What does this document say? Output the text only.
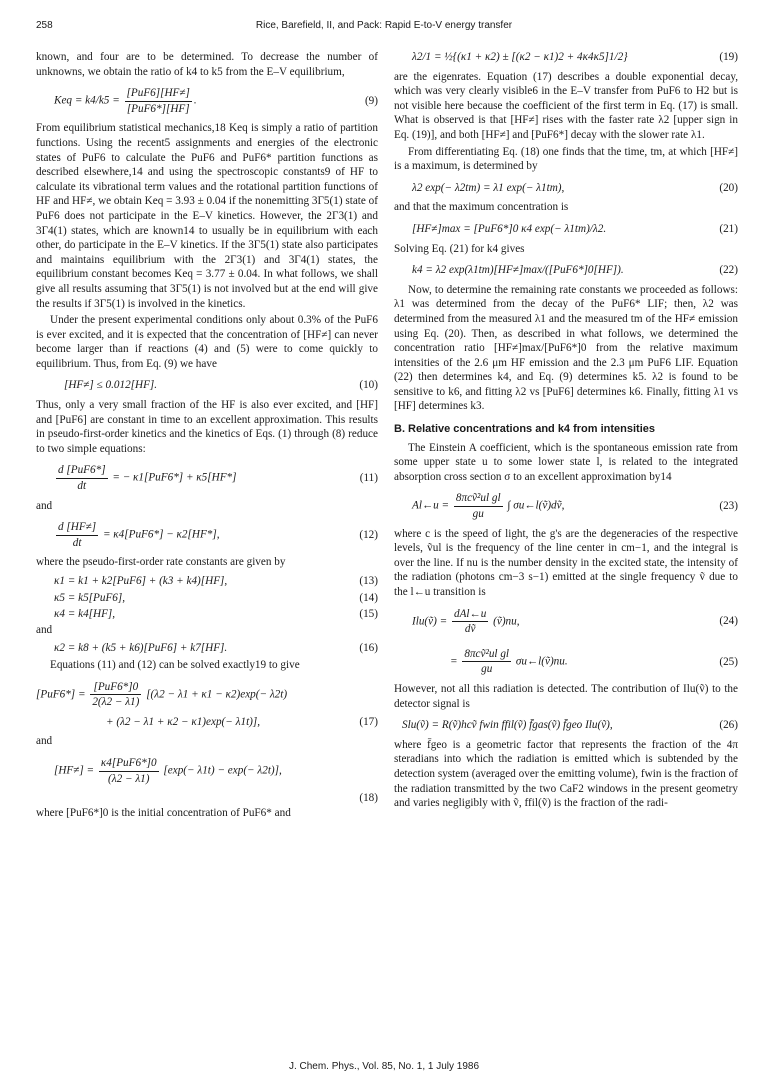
258	Rice, Barefield, II, and Pack: Rapid E-to-V energy transfer

known, and four are to be determined. To decrease the number of unknowns, we obtain the ratio of k4 to k5 from the E–V equilibrium,

Keq = $k4/k5 = \frac{\text{[PuF6][HF≠]}}{\text{[PuF6*][HF]}}$ .	(9)

From equilibrium statistical mechanics,18 Keq is simply a ratio of partition functions. Using the recent5 assignments and energies of the electronic states of PuF6 to calculate the PuF6 and PuF6* partition functions as described elsewhere,14 and using the spectroscopic constants9 of HF to calculate its vibrational term values and the rotational partition functions of HF and HF≠, we obtain Keq = 3.93 ± 0.04 if the nonemitting 3Γ5(1) state of PuF6 does not participate in the E–V kinetics. However, the 2Γ3(1) and 3Γ4(1) states, which are known14 to usually be in equilibrium with each other, do participate in the E–V kinetics. If the 3Γ5(1) state also participates and maintains equilibrium with the 2Γ3(1) and 3Γ4(1) states, the equilibrium constant becomes Keq = 3.77 ± 0.04. In what follows, we shall give all results assuming that 3Γ5(1) is not involved but at the end will give the results if 3Γ5(1) is involved in the kinetics.

Under the present experimental conditions only about 0.3% of the PuF6 is ever excited, and it is expected that the concentration of [HF≠] can never become larger than if reactions (4) and (5) were to come quickly to equilibrium. Thus, from Eq. (9) we have

[HF≠] ≤ 0.012[HF].	(10)

Thus, only a very small fraction of the HF is also ever excited, and [HF] and [PuF6] are constant in time to an excellent approximation. This results in pseudo-first-order kinetics and the kinetics of Eqs. (1) through (8) reduce to two simple equations:

$\frac{\text{d [PuF6*]}}{dt}$ = − κ1[PuF6*] + κ5[HF*]	(11)

and

$\frac{d [HF\ne]}{dt} = \kappa 4[PuF6*] - \kappa 2[HF*]$,	(12)

where the pseudo-first-order rate constants are given by

κ1 = k1 + k2[PuF6] + (k3 + k4)[HF],	(13)
κ5 = k5[PuF6],	(14)
κ4 = k4[HF],	(15)

and

κ2 = k8 + (k5 + k6)[PuF6] + k7[HF].	(16)

Equations (11) and (12) can be solved exactly19 to give

$[PuF6*] = \frac{\text{[PuF6*]0}}{2(\lambda 2 - \lambda 1)} [(\lambda 2 - \lambda 1 + \kappa 1 - \kappa 2)\exp(- \lambda 2t)$
+ (λ2 − λ1 + κ2 − κ1)exp(− λ1t)],	(17)

and

$[HF\ne] = \frac{\text{κ4[PuF6*]0}}{(\lambda 2 - \lambda 1)} [\exp(- \lambda 1t) - \exp(- \lambda 2t)]$,
(18)

where [PuF6*]0 is the initial concentration of PuF6* and

λ2/1 = ½{(κ1 + κ2) ± [(κ2 − κ1)2 + 4κ4κ5]1/2}	(19)

are the eigenrates. Equation (17) describes a double exponential decay, which was very clearly visible6 in the E–V transfer from PuF6 to H2 but is not visible here because the coefficient of the first term in Eq. (17) is small. What is observed is that [HF≠] rises with the faster rate λ2 [upper sign in Eq. (19)], and both [HF≠] and [PuF6*] decay with the slower rate λ1.

From differentiating Eq. (18) one finds that the time, tm, at which [HF≠] is a maximum, is determined by

λ2 exp(− λ2tm) = λ1 exp(− λ1tm),	(20)

and that the maximum concentration is

[HF≠]max = [PuF6*]0 κ4 exp(− λ1tm)/λ2.	(21)

Solving Eq. (21) for k4 gives

k4 = λ2 exp(λ1tm)[HF≠]max/([PuF6*]0[HF]).	(22)

Now, to determine the remaining rate constants we proceeded as follows: λ1 was determined from the decay of the PuF6* LIF; then, λ2 was determined from the measured λ1 and the measured tm of the HF≠ emission using Eq. (20). Then, as described in what follows, we determined the concentration ratio [HF≠]max/[PuF6*]0 from the relative maximum intensities of the 2.6 μm HF emission and the 2.3 μm PuF6 LIF. Equation (22) then determines k4, and Eq. (9) determines k5. λ2 is found to be sensitive to k6, and fitting λ2 vs [PuF6] determines k6. Finally, fitting λ1 vs [HF] determines k3.

B. Relative concentrations and k4 from intensities

The Einstein A coefficient, which is the spontaneous emission rate from some upper state u to some lower state l, is related to the integrated absorption cross section σ to an excellent approximation by14

Al←u = $\frac{\text{8πcṽ²ul gl}}{gu}$ ∫ σu←l(ṽ)dṽ,	(23)

where c is the speed of light, the g's are the degeneracies of the respective levels, ṽul is the frequency of the line center in cm−1, and the integral is over the line. If nu is the number density in the excited state, the intensity of the radiation (photons cm−3 s−1) emitted at the single frequency ṽ due to the l←u transition is

Ilu(ṽ) = $\frac{\text{dAl←u}}{\text{dṽ}}$ (ṽ)nu,	(24)
= $\frac{\text{8πcṽ²ul gl}}{gu}$ σu←l(ṽ)nu.	(25)

However, not all this radiation is detected. The contribution of Ilu(ṽ) to the detector signal is

Slu(ṽ) = R(ṽ)hcṽ fwin ffil(ṽ) f̄gas(ṽ) f̄geo Ilu(ṽ),	(26)

where f̄geo is a geometric factor that represents the fraction of the 4π steradians into which the radiation is emitted which is subtended by the detection system (averaged over the emitting volume), fwin is the fraction of the radiation transmitted by the two CaF2 windows in the present geometry and varies negligibly with ṽ, ffil(ṽ) is the fraction of the radi-

J. Chem. Phys., Vol. 85, No. 1, 1 July 1986
